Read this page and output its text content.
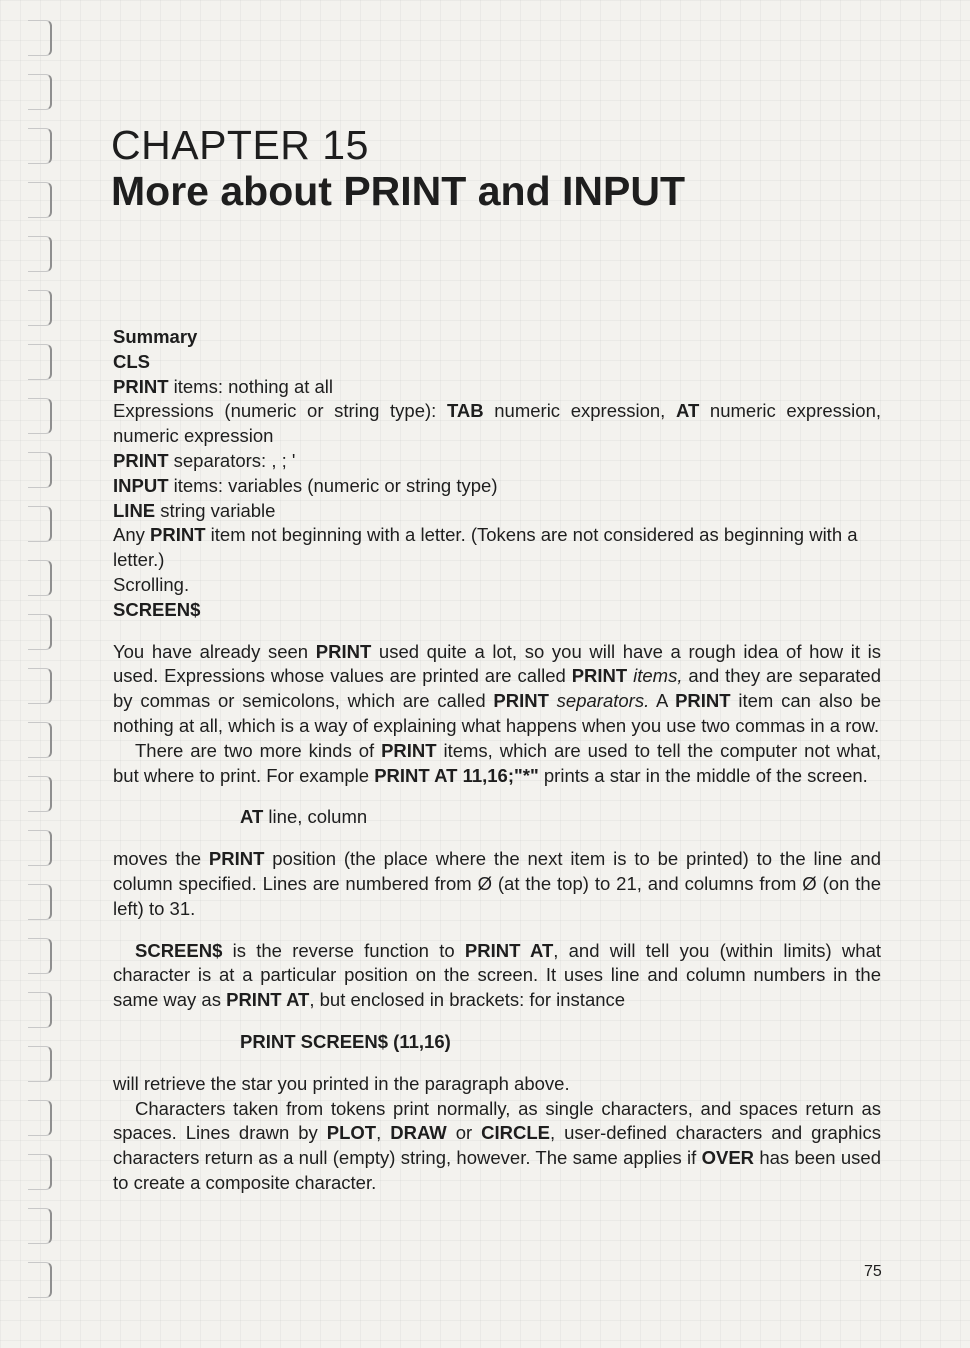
CHAPTER 15
More about PRINT and INPUT

Summary

CLS

PRINT items: nothing at all

Expressions (numeric or string type): TAB numeric expression, AT numeric expression, numeric expression

PRINT separators: , ; '

INPUT items: variables (numeric or string type)

LINE string variable

Any PRINT item not beginning with a letter. (Tokens are not considered as beginning with a letter.)

Scrolling.

SCREEN$

You have already seen PRINT used quite a lot, so you will have a rough idea of how it is used. Expressions whose values are printed are called PRINT items, and they are separated by commas or semicolons, which are called PRINT separators. A PRINT item can also be nothing at all, which is a way of explaining what happens when you use two commas in a row.

There are two more kinds of PRINT items, which are used to tell the computer not what, but where to print. For example PRINT AT 11,16;"*" prints a star in the middle of the screen.

AT line, column

moves the PRINT position (the place where the next item is to be printed) to the line and column specified. Lines are numbered from Ø (at the top) to 21, and columns from Ø (on the left) to 31.

SCREEN$ is the reverse function to PRINT AT, and will tell you (within limits) what character is at a particular position on the screen. It uses line and column numbers in the same way as PRINT AT, but enclosed in brackets: for instance

PRINT SCREEN$ (11,16)

will retrieve the star you printed in the paragraph above.

Characters taken from tokens print normally, as single characters, and spaces return as spaces. Lines drawn by PLOT, DRAW or CIRCLE, user-defined characters and graphics characters return as a null (empty) string, however. The same applies if OVER has been used to create a composite character.

75
